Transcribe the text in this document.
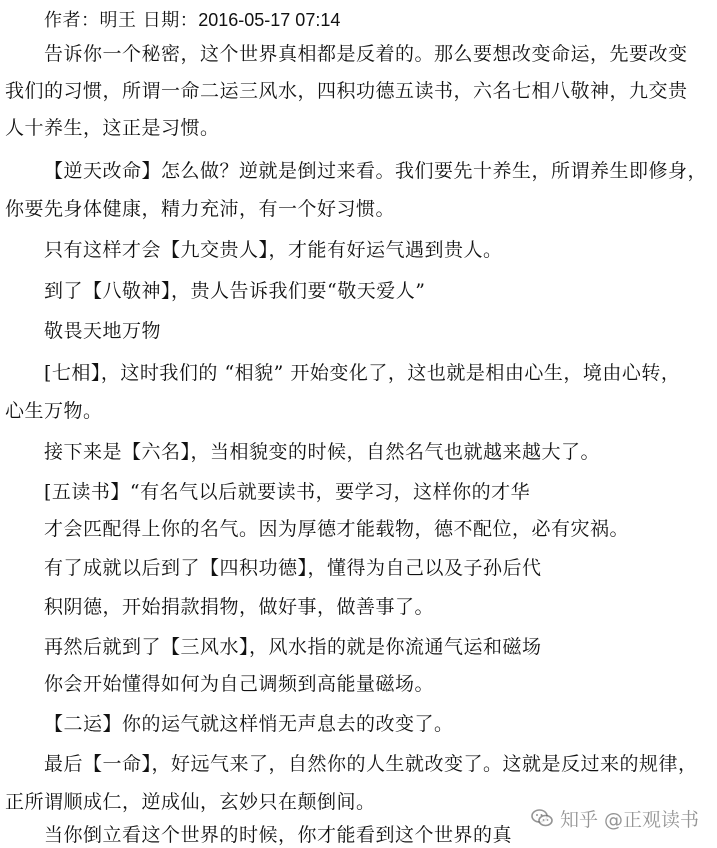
作者：明王 日期：2016-05-17 07:14
告诉你一个秘密，这个世界真相都是反着的。那么要想改变命运，先要改变
我们的习惯，所谓一命二运三风水，四积功德五读书，六名七相八敬神，九交贵
人十养生，这正是习惯。
【逆天改命】怎么做？逆就是倒过来看。我们要先十养生，所谓养生即修身，
你要先身体健康，精力充沛，有一个好习惯。
只有这样才会【九交贵人】，才能有好运气遇到贵人。
到了【八敬神】，贵人告诉我们要“敬天爱人”
敬畏天地万物
[七相】，这时我们的 “相貌” 开始变化了，这也就是相由心生，境由心转，
心生万物。
接下来是【六名】，当相貌变的时候，自然名气也就越来越大了。
[五读书】“有名气以后就要读书，要学习，这样你的才华
才会匹配得上你的名气。因为厚德才能载物，德不配位，必有灾祸。
有了成就以后到了【四积功德】，懂得为自己以及子孙后代
积阴德，开始捐款捐物，做好事，做善事了。
再然后就到了【三风水】，风水指的就是你流通气运和磁场
你会开始懂得如何为自己调频到高能量磁场。
【二运】你的运气就这样悄无声息去的改变了。
最后【一命】，好远气来了，自然你的人生就改变了。这就是反过来的规律，
正所谓顺成仁，逆成仙，玄妙只在颠倒间。
当你倒立看这个世界的时候，你才能看到这个世界的真
知乎 @正观读书
